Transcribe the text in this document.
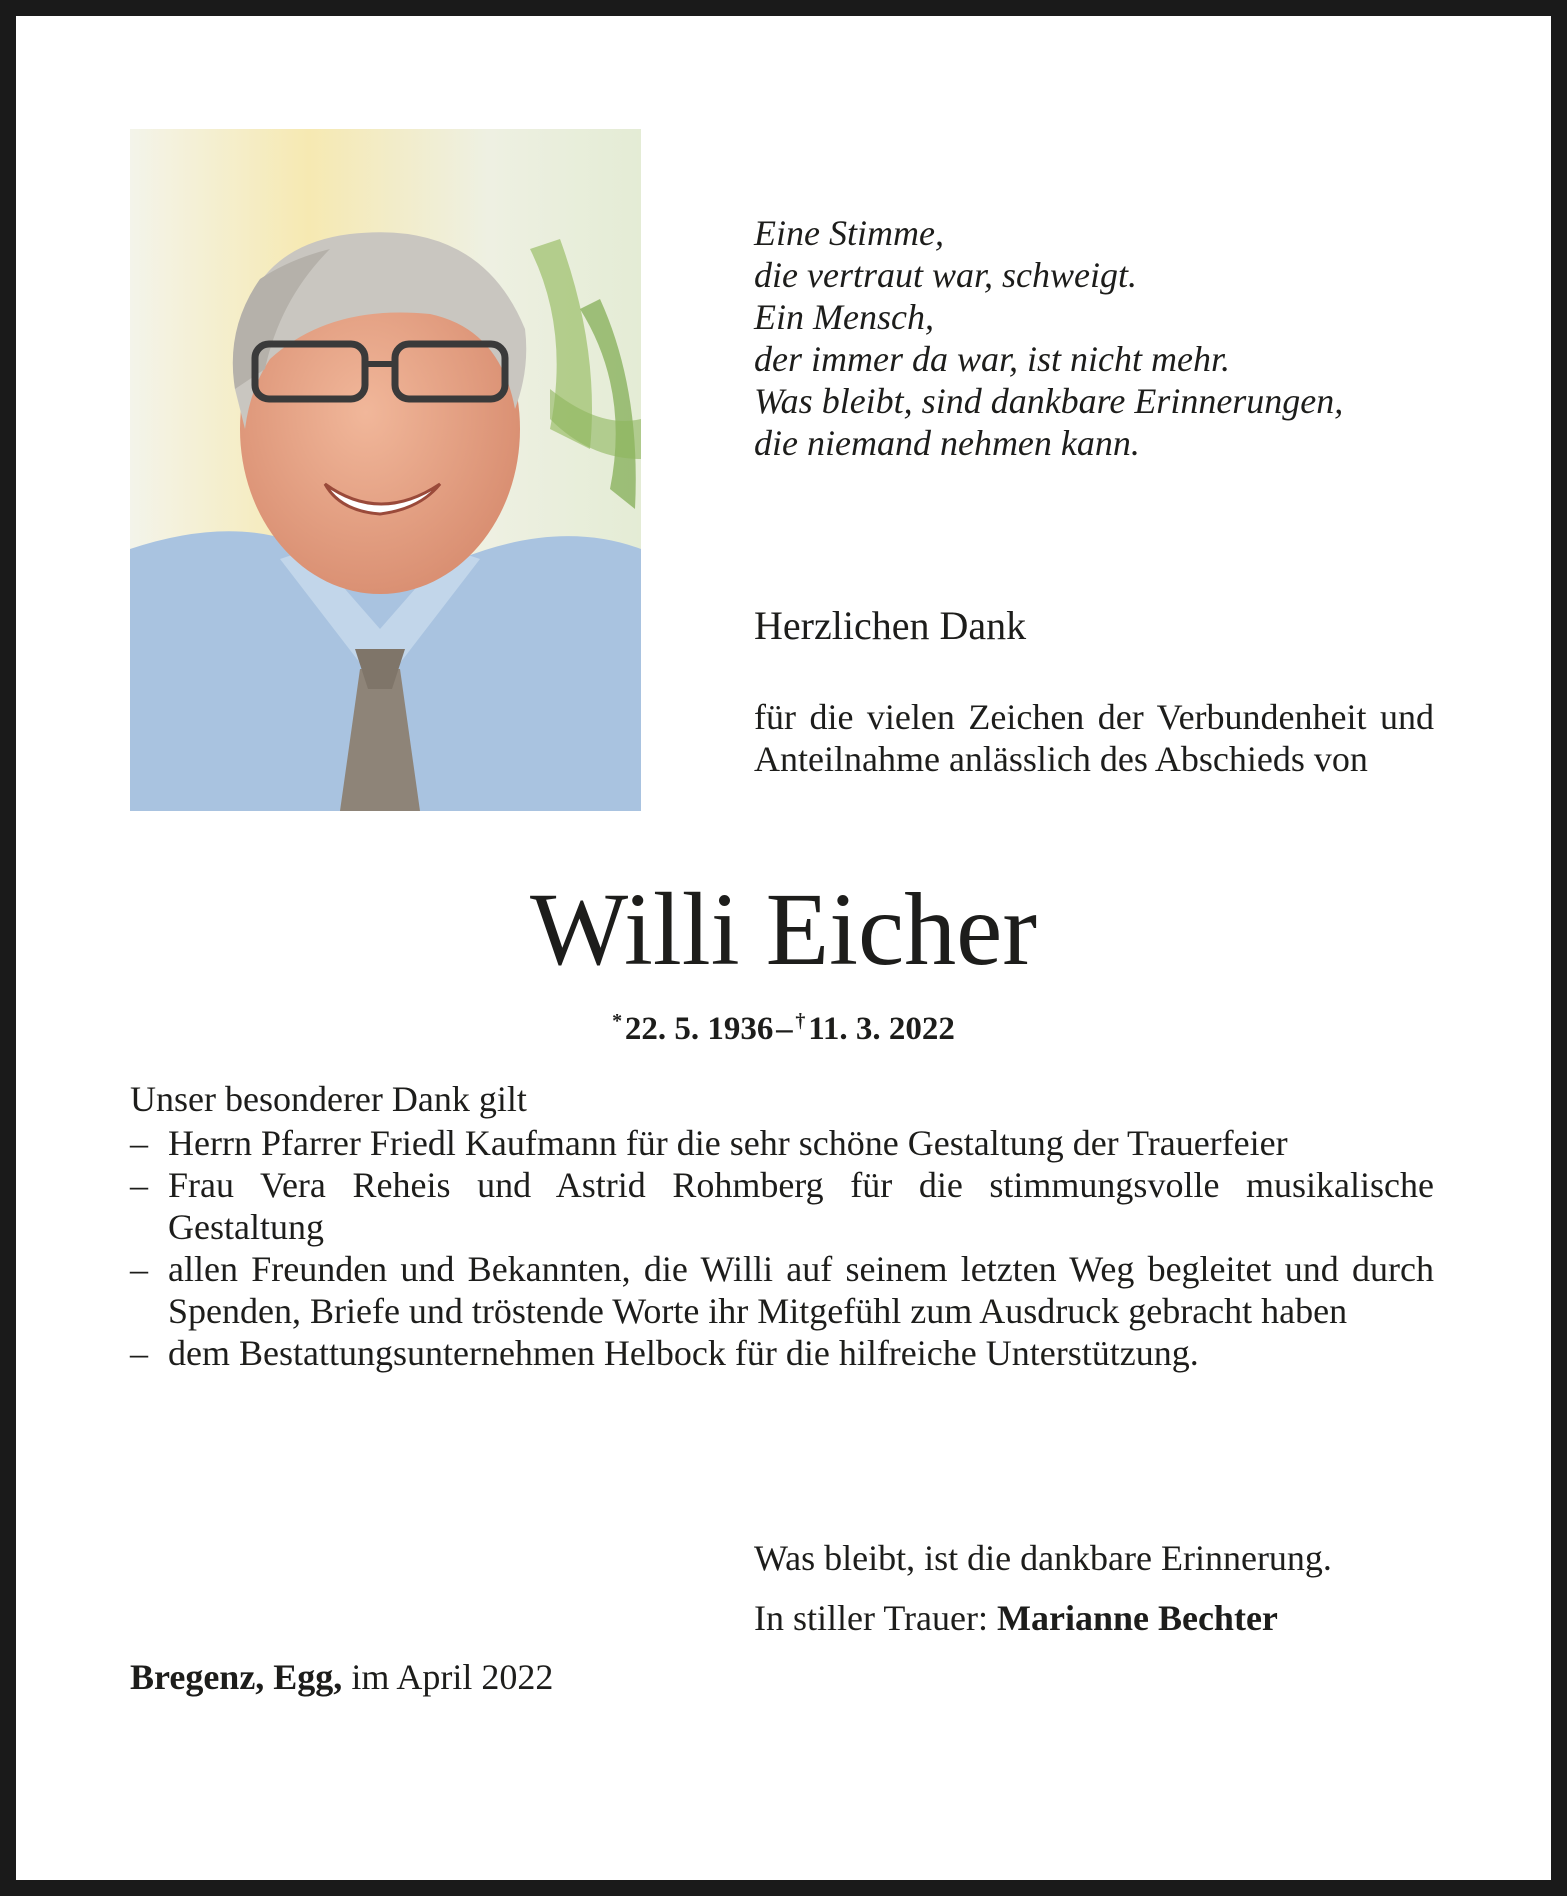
Eine Stimme,
die vertraut war, schweigt.
Ein Mensch,
der immer da war, ist nicht mehr.
Was bleibt, sind dankbare Erinnerungen,
die niemand nehmen kann.
Herzlichen Dank
für die vielen Zeichen der Verbundenheit und Anteilnahme anlässlich des Abschieds von
Willi Eicher
* 22. 5. 1936 –  † 11. 3. 2022
Unser besonderer Dank gilt
– Herrn Pfarrer Friedl Kaufmann für die sehr schöne Gestaltung der Trauerfeier
– Frau Vera Reheis und Astrid Rohmberg für die stimmungsvolle musikalische Gestaltung
– allen Freunden und Bekannten, die Willi auf seinem letzten Weg begleitet und durch Spenden, Briefe und tröstende Worte ihr Mitgefühl zum Ausdruck gebracht haben
– dem Bestattungsunternehmen Helbock für die hilfreiche Unterstützung.
Was bleibt, ist die dankbare Erinnerung.
In stiller Trauer: Marianne Bechter
Bregenz, Egg, im April 2022
